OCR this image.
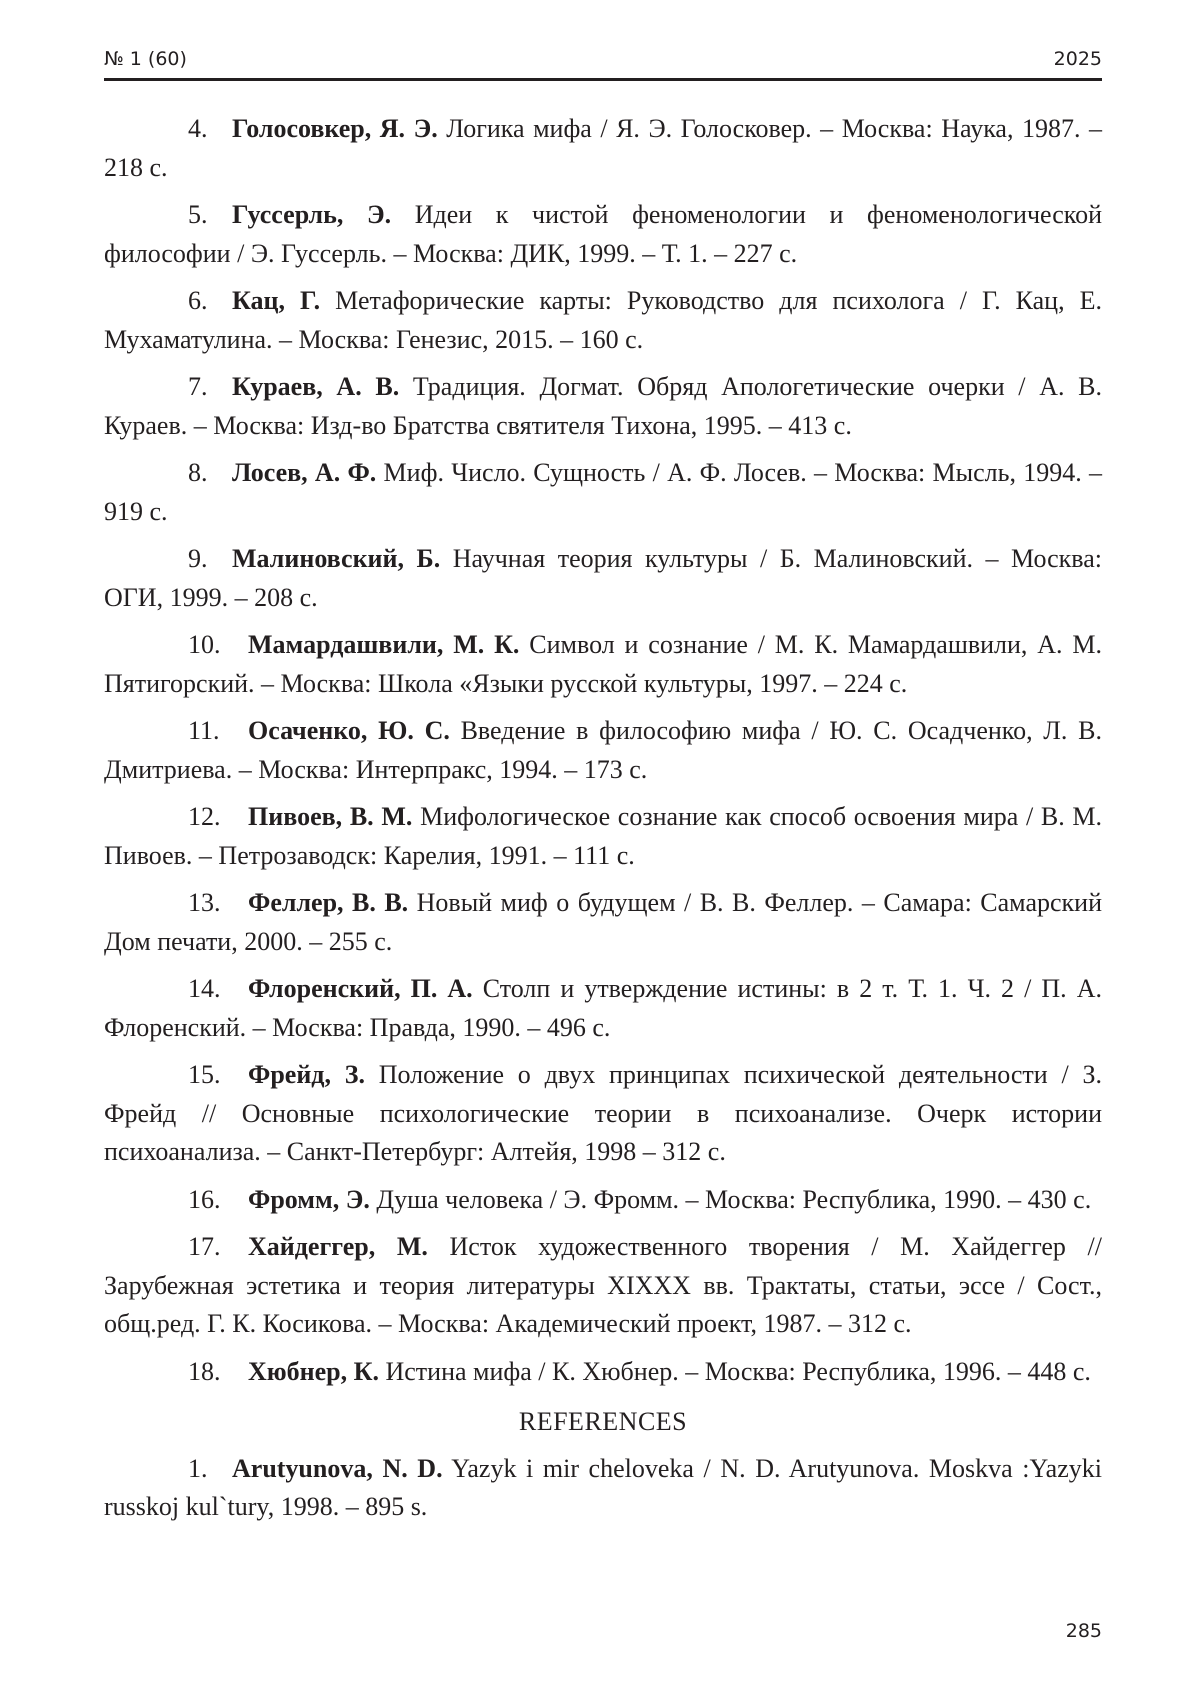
№ 1 (60)	2025

4. Голосовкер, Я. Э. Логика мифа / Я. Э. Голосковер. – Москва: Наука, 1987. – 218 с.

5. Гуссерль, Э. Идеи к чистой феноменологии и феноменологической философии / Э. Гуссерль. – Москва: ДИК, 1999. – Т. 1. – 227 с.

6. Кац, Г. Метафорические карты: Руководство для психолога / Г. Кац, Е. Мухаматулина. – Москва: Генезис, 2015. – 160 с.

7. Кураев, А. В. Традиция. Догмат. Обряд Апологетические очерки / А. В. Кураев. – Москва: Изд-во Братства святителя Тихона, 1995. – 413 с.

8. Лосев, А. Ф. Миф. Число. Сущность / А. Ф. Лосев. – Москва: Мысль, 1994. – 919 с.

9. Малиновский, Б. Научная теория культуры / Б. Малиновский. – Москва: ОГИ, 1999. – 208 с.

10. Мамардашвили, М. К. Символ и сознание / М. К. Мамардашвили, А. М. Пятигорский. – Москва: Школа «Языки русской культуры, 1997. – 224 с.

11. Осаченко, Ю. С. Введение в философию мифа / Ю. С. Осадченко, Л. В. Дмитриева. – Москва: Интерпракс, 1994. – 173 с.

12. Пивоев, В. М. Мифологическое сознание как способ освоения мира / В. М. Пивоев. – Петрозаводск: Карелия, 1991. – 111 с.

13. Феллер, В. В. Новый миф о будущем / В. В. Феллер. – Самара: Самарский Дом печати, 2000. – 255 с.

14. Флоренский, П. А. Столп и утверждение истины: в 2 т. Т. 1. Ч. 2 / П. А. Флоренский. – Москва: Правда, 1990. – 496 с.

15. Фрейд, З. Положение о двух принципах психической деятельности / З. Фрейд // Основные психологические теории в психоанализе. Очерк истории психоанализа. – Санкт-Петербург: Алтейя, 1998 – 312 с.

16. Фромм, Э. Душа человека / Э. Фромм. – Москва: Республика, 1990. – 430 с.

17. Хайдеггер, М. Исток художественного творения / М. Хайдеггер // Зарубежная эстетика и теория литературы XIXXX вв. Трактаты, статьи, эссе / Сост., общ.ред. Г. К. Косикова. – Москва: Академический проект, 1987. – 312 с.

18. Хюбнер, К. Истина мифа / К. Хюбнер. – Москва: Республика, 1996. – 448 с.

REFERENCES

1. Arutyunova, N. D. Yazyk i mir cheloveka / N. D. Arutyunova. Moskva :Yazyki russkoj kul`tury, 1998. – 895 s.

285
